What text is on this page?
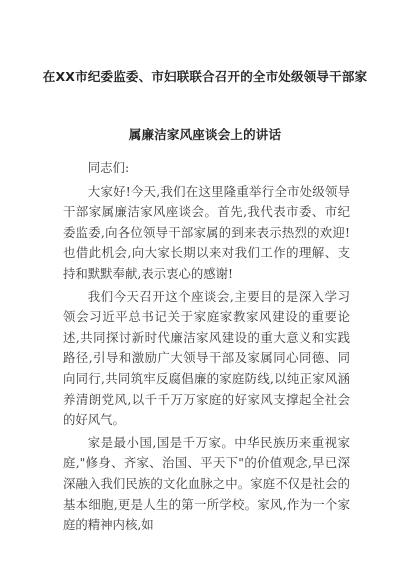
在XX市纪委监委、市妇联联合召开的全市处级领导干部家
属廉洁家风座谈会上的讲话

同志们:

大家好!今天,我们在这里隆重举行全市处级领导干部家属廉洁家风座谈会。首先,我代表市委、市纪委监委,向各位领导干部家属的到来表示热烈的欢迎!也借此机会,向大家长期以来对我们工作的理解、支持和默默奉献,表示衷心的感谢!

我们今天召开这个座谈会,主要目的是深入学习领会习近平总书记关于家庭家教家风建设的重要论述,共同探讨新时代廉洁家风建设的重大意义和实践路径,引导和激励广大领导干部及家属同心同德、同向同行,共同筑牢反腐倡廉的家庭防线,以纯正家风涵养清朗党风,以千千万万家庭的好家风支撑起全社会的好风气。

家是最小国,国是千万家。中华民族历来重视家庭,"修身、齐家、治国、平天下"的价值观念,早已深深融入我们民族的文化血脉之中。家庭不仅是社会的基本细胞,更是人生的第一所学校。家风,作为一个家庭的精神内核,如
